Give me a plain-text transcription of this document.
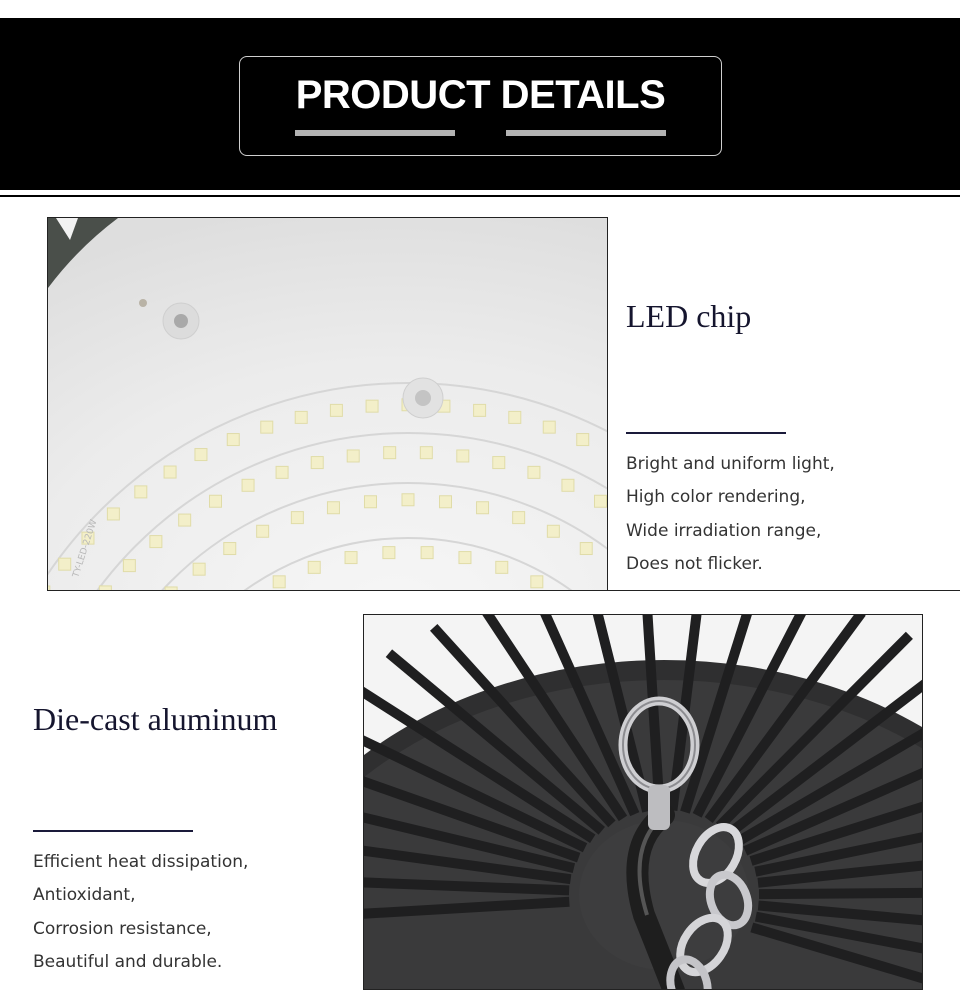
PRODUCT DETAILS
TY-LED-220W
LED chip
Bright and uniform light,
High color rendering,
Wide irradiation range,
Does not flicker.
Die-cast aluminum
Efficient heat dissipation,
Antioxidant,
Corrosion resistance,
Beautiful and durable.
